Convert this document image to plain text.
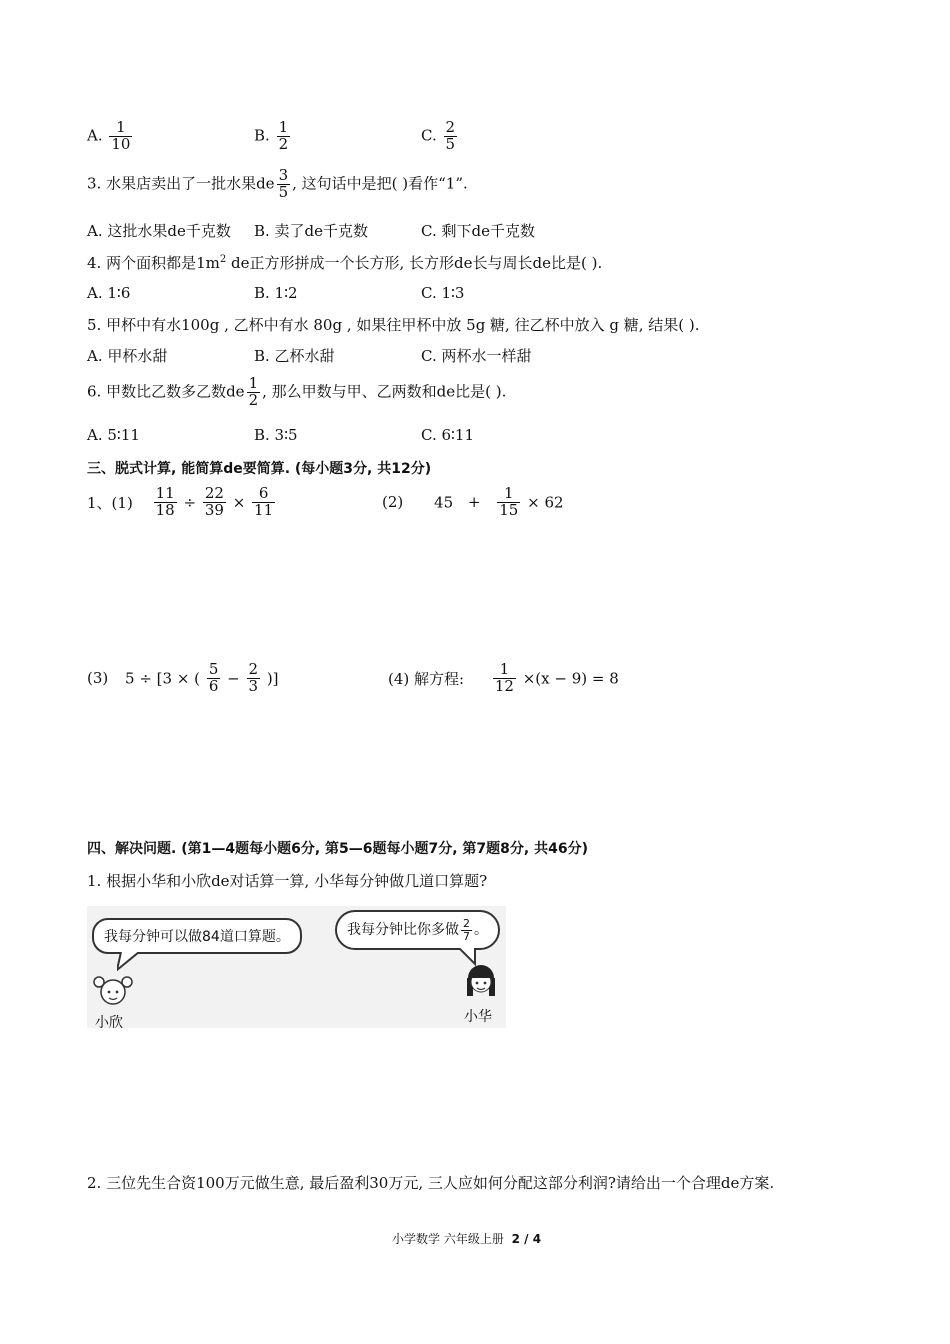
A. $\frac{1}{10}$	B. $\frac{1}{2}$	C. $\frac{2}{5}$
3. 水果店卖出了一批水果de $\frac{3}{5}$ , 这句话中是把( )看作“1”.
A. 这批水果de千克数 B. 卖了de千克数	C. 剩下de千克数
4. 两个面积都是$1m^2$ de正方形拼成一个长方形, 长方形de长与周长de比是( ).
A. 1∶6	B. 1∶2	C. 1∶3
5. 甲杯中有水100g , 乙杯中有水 80g , 如果往甲杯中放 5g 糖, 往乙杯中放入 g 糖, 结果( ).
A. 甲杯水甜	B. 乙杯水甜	C. 两杯水一样甜
6. 甲数比乙数多乙数de $\frac{1}{2}$ , 那么甲数与甲、乙两数和de比是( ).
A. 5∶11	B. 3∶5	C. 6∶11
三、脱式计算, 能简算de要简算. (每小题3分, 共12分)
1、$(1) \frac{11}{18} \div \frac{22}{39} \times \frac{6}{11}$	(2) $45 + \frac{1}{15} \times 62$
(3) 5 ÷ [3 × ( $\frac{5}{6} - \frac{2}{3}$ )]	(4) 解方程: $\frac{1}{12} \times(x - 9) = 8$
四、解决问题. (第1—4题每小题6分, 第5—6题每小题7分, 第7题8分, 共46分)
1. 根据小华和小欣de对话算一算, 小华每分钟做几道口算题?
我每分钟可以做84道口算题。	我每分钟比你多做 $\frac{2}{7}$ 。
小欣	小华
2. 三位先生合资100万元做生意, 最后盈利30万元, 三人应如何分配这部分利润?请给出一个合理de方案.
小学数学 六年级上册 2 / 4
